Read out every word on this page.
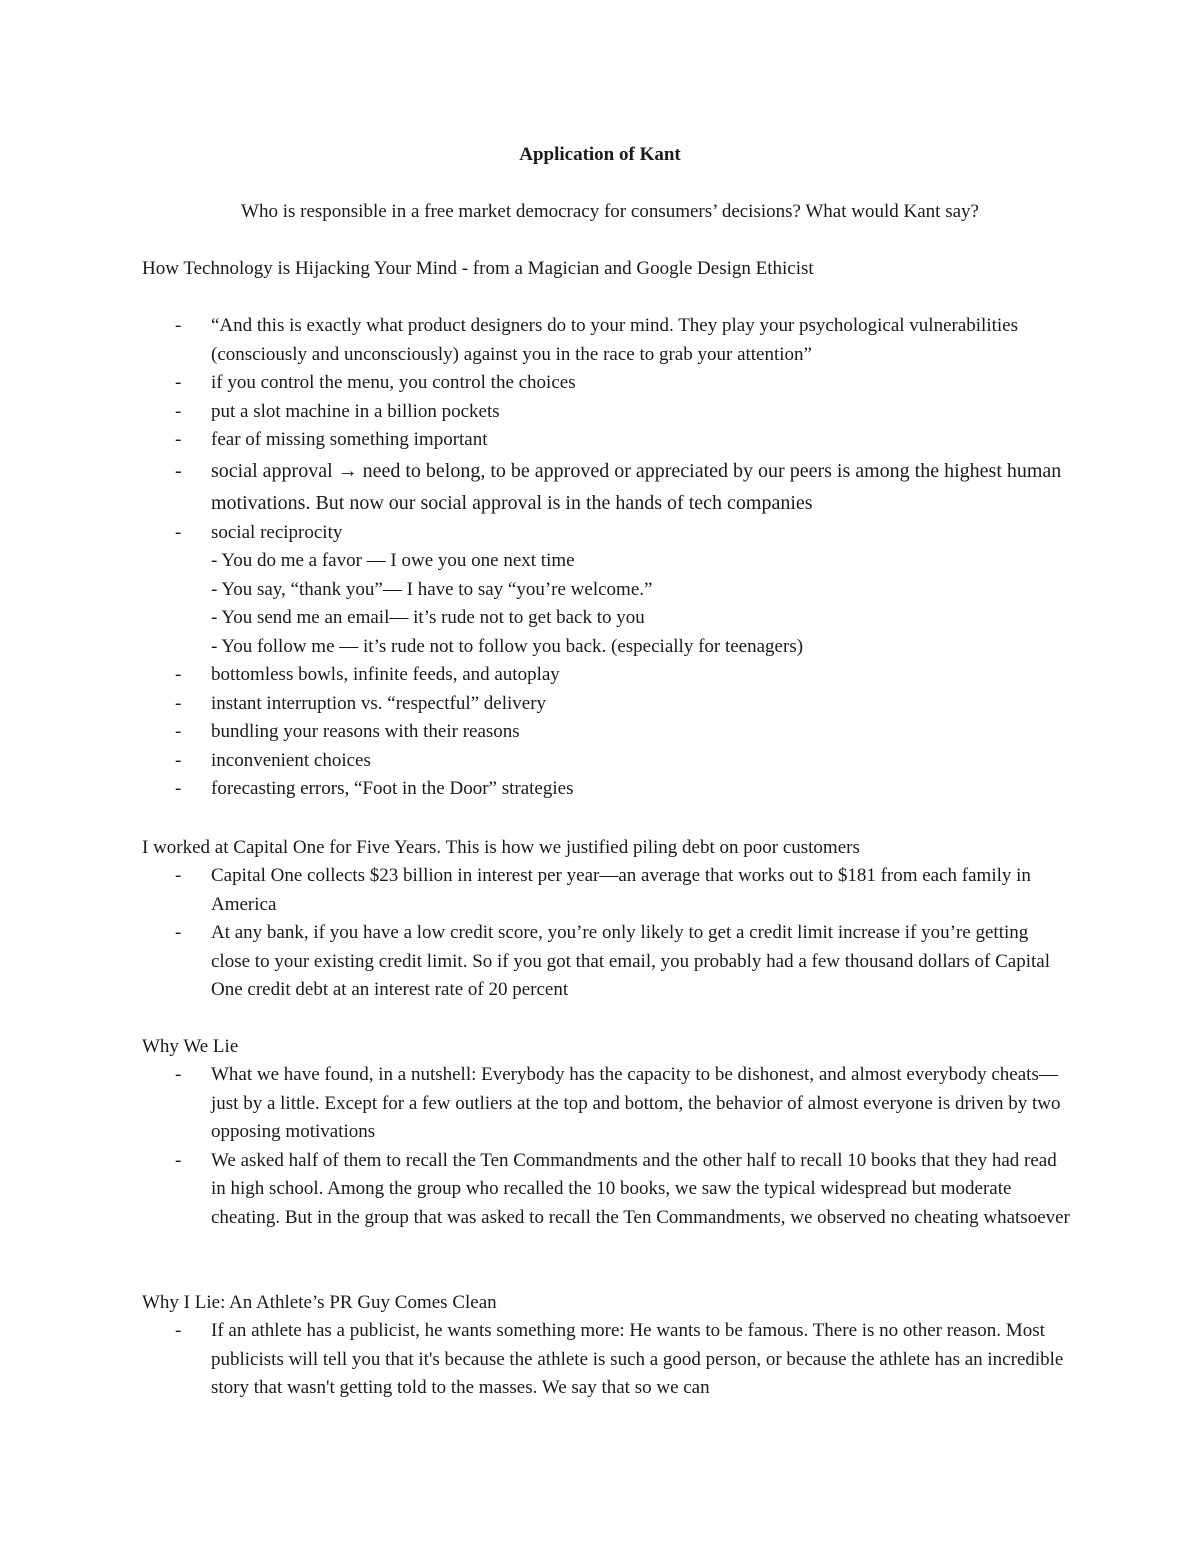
Application of Kant
Who is responsible in a free market democracy for consumers’ decisions? What would Kant say?
How Technology is Hijacking Your Mind - from a Magician and Google Design Ethicist
- “And this is exactly what product designers do to your mind. They play your psychological vulnerabilities (consciously and unconsciously) against you in the race to grab your attention”
- if you control the menu, you control the choices
- put a slot machine in a billion pockets
- fear of missing something important
- social approval → need to belong, to be approved or appreciated by our peers is among the highest human motivations. But now our social approval is in the hands of tech companies
- social reciprocity
- You do me a favor — I owe you one next time
- You say, “thank you”— I have to say “you’re welcome.”
- You send me an email— it’s rude not to get back to you
- You follow me — it’s rude not to follow you back. (especially for teenagers)
- bottomless bowls, infinite feeds, and autoplay
- instant interruption vs. “respectful” delivery
- bundling your reasons with their reasons
- inconvenient choices
- forecasting errors, “Foot in the Door” strategies
I worked at Capital One for Five Years. This is how we justified piling debt on poor customers
- Capital One collects $23 billion in interest per year—an average that works out to $181 from each family in America
- At any bank, if you have a low credit score, you’re only likely to get a credit limit increase if you’re getting close to your existing credit limit. So if you got that email, you probably had a few thousand dollars of Capital One credit debt at an interest rate of 20 percent
Why We Lie
- What we have found, in a nutshell: Everybody has the capacity to be dishonest, and almost everybody cheats—just by a little. Except for a few outliers at the top and bottom, the behavior of almost everyone is driven by two opposing motivations
- We asked half of them to recall the Ten Commandments and the other half to recall 10 books that they had read in high school. Among the group who recalled the 10 books, we saw the typical widespread but moderate cheating. But in the group that was asked to recall the Ten Commandments, we observed no cheating whatsoever
Why I Lie: An Athlete’s PR Guy Comes Clean
- If an athlete has a publicist, he wants something more: He wants to be famous. There is no other reason. Most publicists will tell you that it's because the athlete is such a good person, or because the athlete has an incredible story that wasn't getting told to the masses. We say that so we can
